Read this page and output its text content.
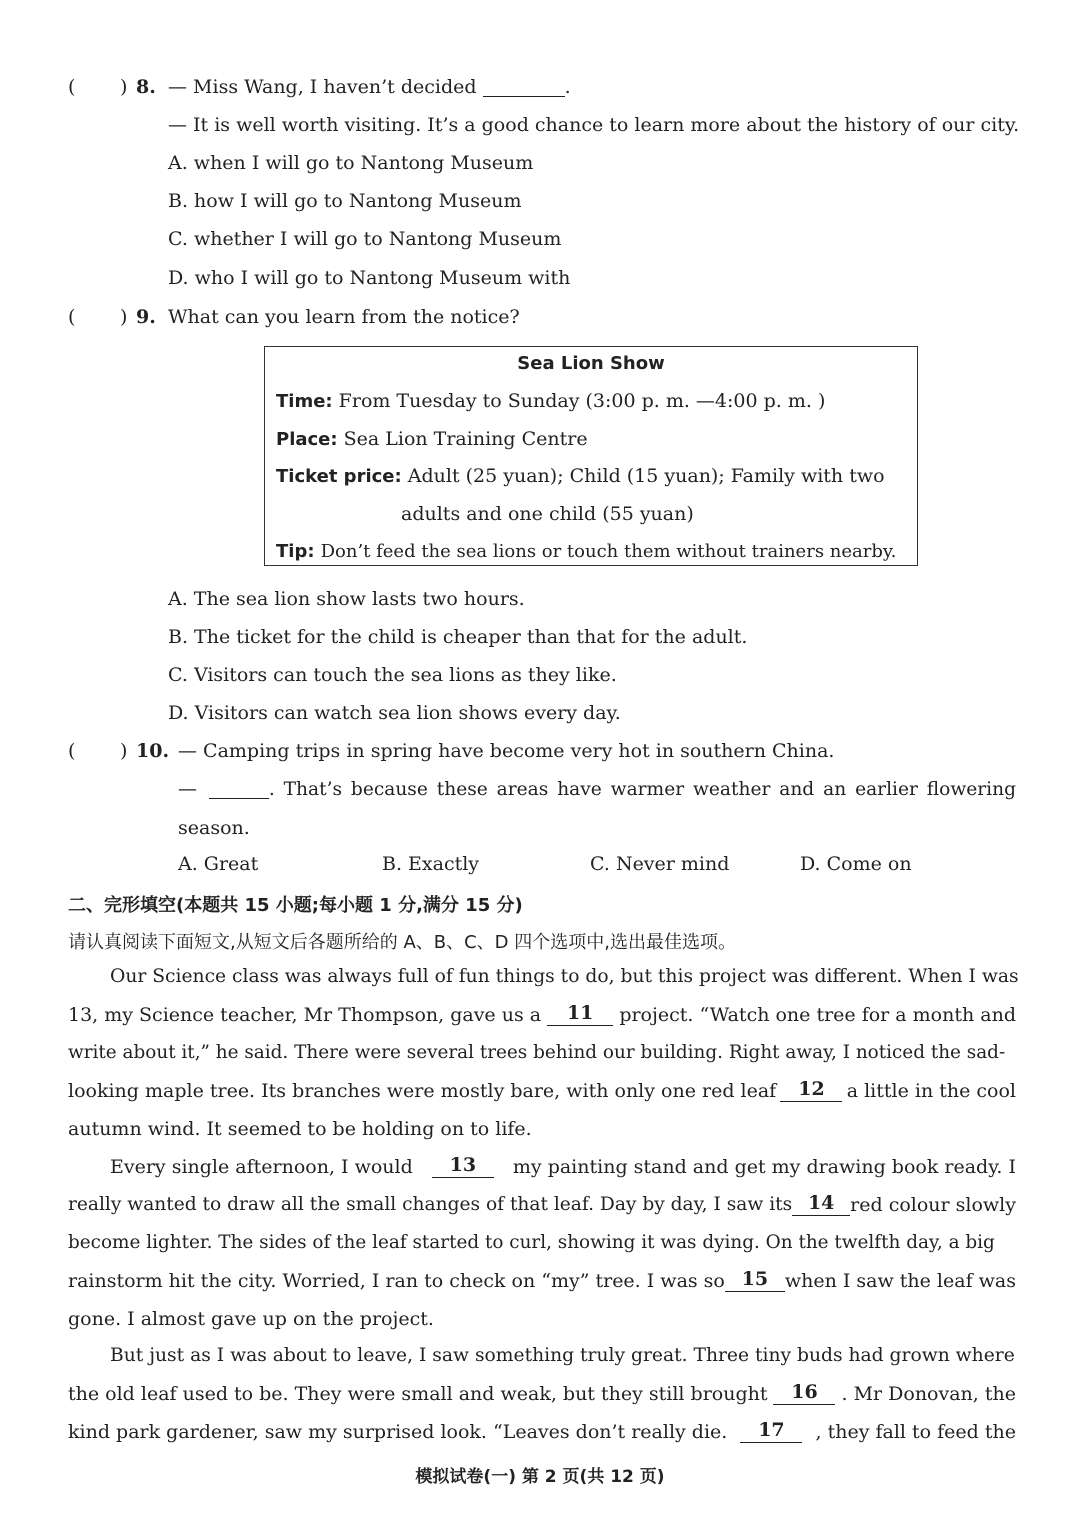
( ) 8. — Miss Wang, I haven’t decided	.
— It is well worth visiting. It’s a good chance to learn more about the history of our city.
A. when I will go to Nantong Museum
B. how I will go to Nantong Museum
C. whether I will go to Nantong Museum
D. who I will go to Nantong Museum with
( ) 9. What can you learn from the notice?
Sea Lion Show
Time: From Tuesday to Sunday (3:00 p. m. —4:00 p. m. )
Place: Sea Lion Training Centre
Ticket price: Adult (25 yuan); Child (15 yuan); Family with two
adults and one child (55 yuan)
Tip: Don’t feed the sea lions or touch them without trainers nearby.
A. The sea lion show lasts two hours.
B. The ticket for the child is cheaper than that for the adult.
C. Visitors can touch the sea lions as they like.
D. Visitors can watch sea lion shows every day.
( ) 10. — Camping trips in spring have become very hot in southern China.
—
	. That’s because these areas have warmer weather and an earlier flowering
season.
A. Great	B. Exactly	C. Never mind	D. Come on
二、完形填空(本题共 15 小题;每小题 1 分,满分 15 分)
请认真阅读下面短文,从短文后各题所给的 A、B、C、D 四个选项中,选出最佳选项。
Our Science class was always full of fun things to do, but this project was different. When I was
13, my Science teacher, Mr Thompson, gave us a	11	project. “Watch one tree for a month and
write about it,” he said. There were several trees behind our building. Right away, I noticed the sad-
looking maple tree. Its branches were mostly bare, with only one red leaf	12	a little in the cool
autumn wind. It seemed to be holding on to life.
Every single afternoon, I would	13	my painting stand and get my drawing book ready. I
really wanted to draw all the small changes of that leaf. Day by day, I saw its 14 red colour slowly
become lighter. The sides of the leaf started to curl, showing it was dying. On the twelfth day, a big
rainstorm hit the city. Worried, I ran to check on “my” tree. I was so 15 when I saw the leaf was
gone. I almost gave up on the project.
But just as I was about to leave, I saw something truly great. Three tiny buds had grown where
the old leaf used to be. They were small and weak, but they still brought	16	. Mr Donovan, the
kind park gardener, saw my surprised look. “Leaves don’t really die.	17	, they fall to feed the
模拟试卷(一) 第 2 页(共 12 页)
